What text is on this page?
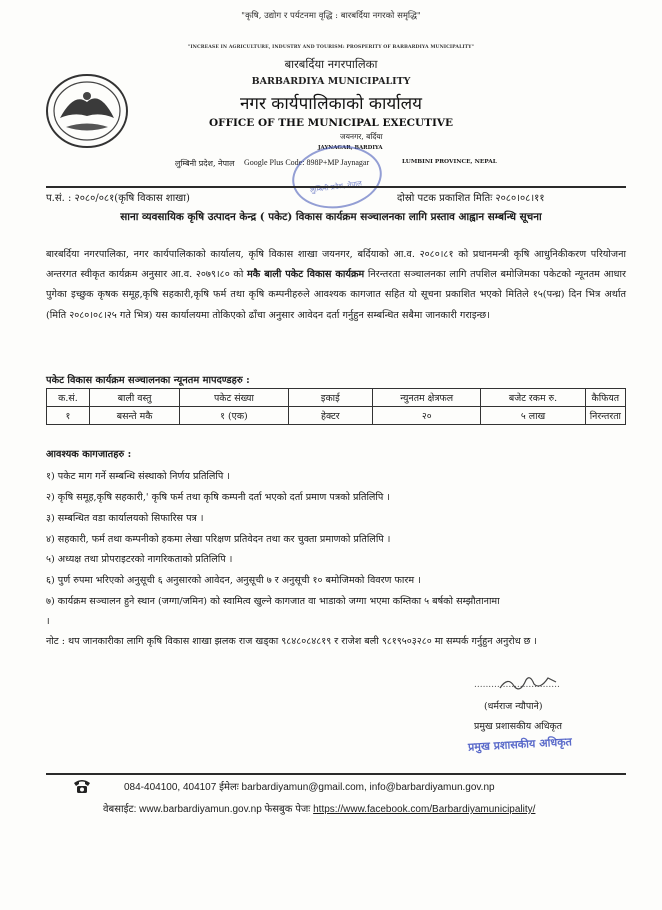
"कृषि, उद्योग र पर्यटनमा वृद्धि : बारबर्दिया नगरको समृद्धि"
"INCREASE IN AGRICULTURE, INDUSTRY AND TOURISM: PROSPERITY OF BARBARDIYA MUNICIPALITY"
बारबर्दिया नगरपालिका
BARBARDIYA MUNICIPALITY
नगर कार्यपालिकाको कार्यालय
OFFICE OF THE MUNICIPAL EXECUTIVE
जयनगर, बर्दिया
JAYNAGAR, BARDIYA
लुम्बिनी प्रदेश, नेपाल Google Plus Code: 898P+MP Jaynagar	LUMBINI PROVINCE, NEPAL
प.सं. : २०८०/०८१(कृषि विकास शाखा)	दोस्रो पटक प्रकाशित मितिः २०८०।०८।११
साना व्यवसायिक कृषि उत्पादन केन्द्र ( पकेट) विकास कार्यक्रम सञ्चालनका लागि प्रस्ताव आह्वान सम्बन्धि सूचना
बारबर्दिया नगरपालिका, नगर कार्यपालिकाको कार्यालय, कृषि विकास शाखा जयनगर, बर्दियाको आ.व. २०८०।८१ को प्रधानमन्त्री कृषि आधुनिकीकरण परियोजना अन्तरगत स्वीकृत कार्यक्रम अनुसार आ.व. २०७९।८० को मकै बाली पकेट विकास कार्यक्रम निरन्तरता सञ्चालनका लागि तपशिल बमोजिमका पकेटको न्यूनतम आधार पुगेका इच्छुक कृषक समूह,कृषि सहकारी,कृषि फर्म तथा कृषि कम्पनीहरुले आवश्यक कागजात सहित यो सूचना प्रकाशित भएको मितिले १५(पन्ध्र) दिन भित्र अर्थात (मिति २०८०।०८।२५ गते भित्र) यस कार्यालयमा तोकिएको ढाँचा अनुसार आवेदन दर्ता गर्नुहुन सम्बन्धित सबैमा जानकारी गराइन्छ।
पकेट विकास कार्यक्रम सञ्चालनका न्यूनतम मापदण्डहरु :
क.सं.	बाली वस्तु	पकेट संख्या	इकाई	न्युनतम क्षेत्रफल	बजेट रकम रु.	कैफियत
१	बसन्ते मकै	१ (एक)	हेक्टर	२०	५ लाख	निरन्तरता
आवश्यक कागजातहरु :
१) पकेट माग गर्ने सम्बन्धि संस्थाको निर्णय प्रतिलिपि ।
२) कृषि समूह,कृषि सहकारी,' कृषि फर्म तथा कृषि कम्पनी दर्ता भएको दर्ता प्रमाण पत्रको प्रतिलिपि ।
३) सम्बन्धित वडा कार्यालयको सिफारिस पत्र ।
४) सहकारी, फर्म तथा कम्पनीको हकमा लेखा परिक्षण प्रतिवेदन तथा कर चुक्ता प्रमाणको प्रतिलिपि ।
५) अध्यक्ष तथा प्रोपराइटरको नागरिकताको प्रतिलिपि ।
६) पुर्ण रुपमा भरिएको अनुसूची ६ अनुसारको आवेदन, अनुसूची ७ र अनुसूची १० बमोजिमको विवरण फारम ।
७) कार्यक्रम सञ्चालन हुने स्थान (जग्गा/जमिन) को स्वामित्व खुल्ने कागजात वा भाडाको जग्गा भएमा कम्तिका ५ बर्षको सम्झौतानामा
।
नोट : थप जानकारीका लागि कृषि विकास शाखा झलक राज खड्का ९८४८०८४८१९ र राजेश बली ९८१९५०३२८० मा सम्पर्क गर्नुहुन अनुरोध छ ।
..............................
(धर्मराज न्यौपाने)
प्रमुख प्रशासकीय अधिकृत
प्रमुख प्रशासकीय अधिकृत
084-404100, 404107 ईमेलः barbardiyamun@gmail.com, info@barbardiyamun.gov.np
वेबसाईट: www.barbardiyamun.gov.np फेसबुक पेजः https://www.facebook.com/Barbardiyamunicipality/
